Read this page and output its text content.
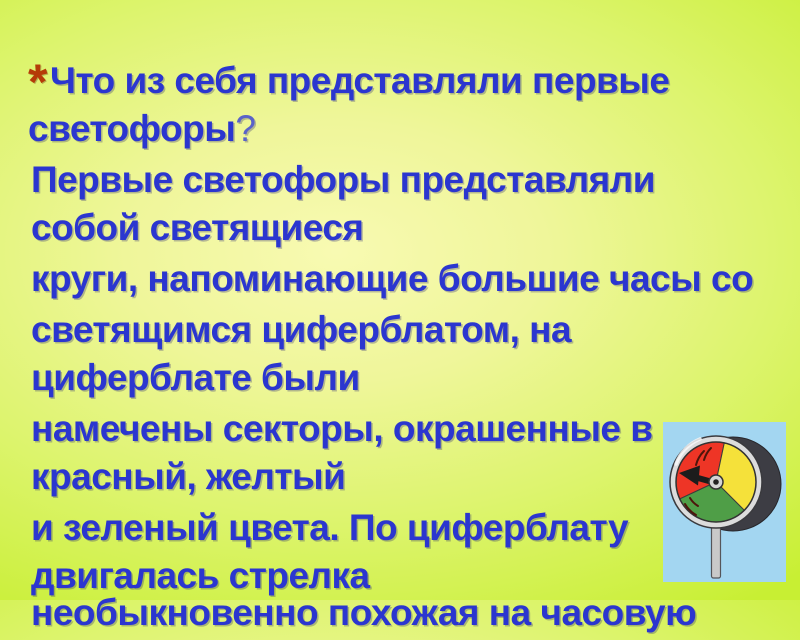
*Что из себя представляли первые
светофоры?

Первые светофоры представляли
собой светящиеся

круги, напоминающие большие часы со

светящимся циферблатом, на
циферблате были

намечены секторы, окрашенные в
красный, желтый

и зеленый цвета. По циферблату
двигалась стрелка

необыкновенно похожая на часовую
